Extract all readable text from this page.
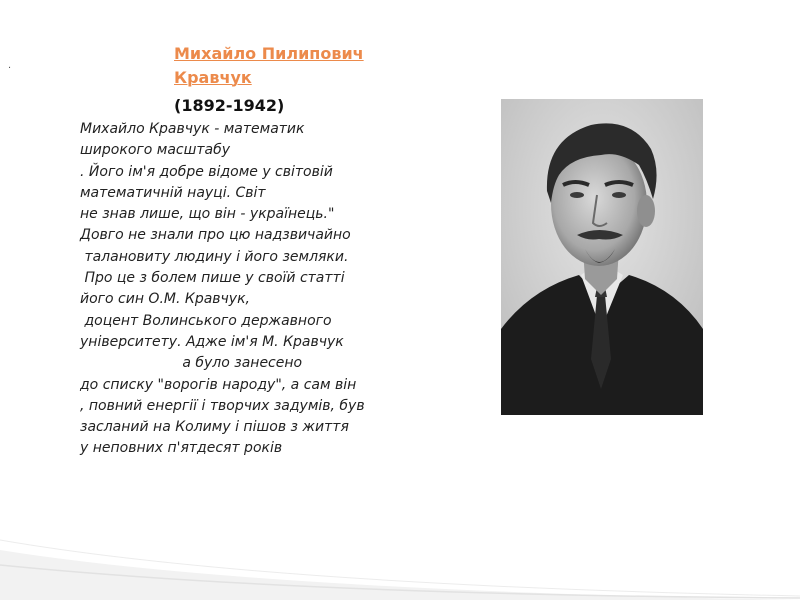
.

Михайло Пилипович

Кравчук

(1892-1942)

Михайло Кравчук - математик

широкого масштабу

. Його ім'я добре відоме у світовій

математичній науці. Світ

не знав лише, що він - українець."

Довго не знали про цю надзвичайно

талановиту людину і його земляки.

Про це з болем пише у своїй статті

його син О.М. Кравчук,

доцент Волинського державного

університету. Адже ім'я М. Кравчук

а було занесено

до списку "ворогів народу", а сам він

, повний енергії і творчих задумів, був

засланий на Колиму і пішов з життя

у неповних п'ятдесят років
